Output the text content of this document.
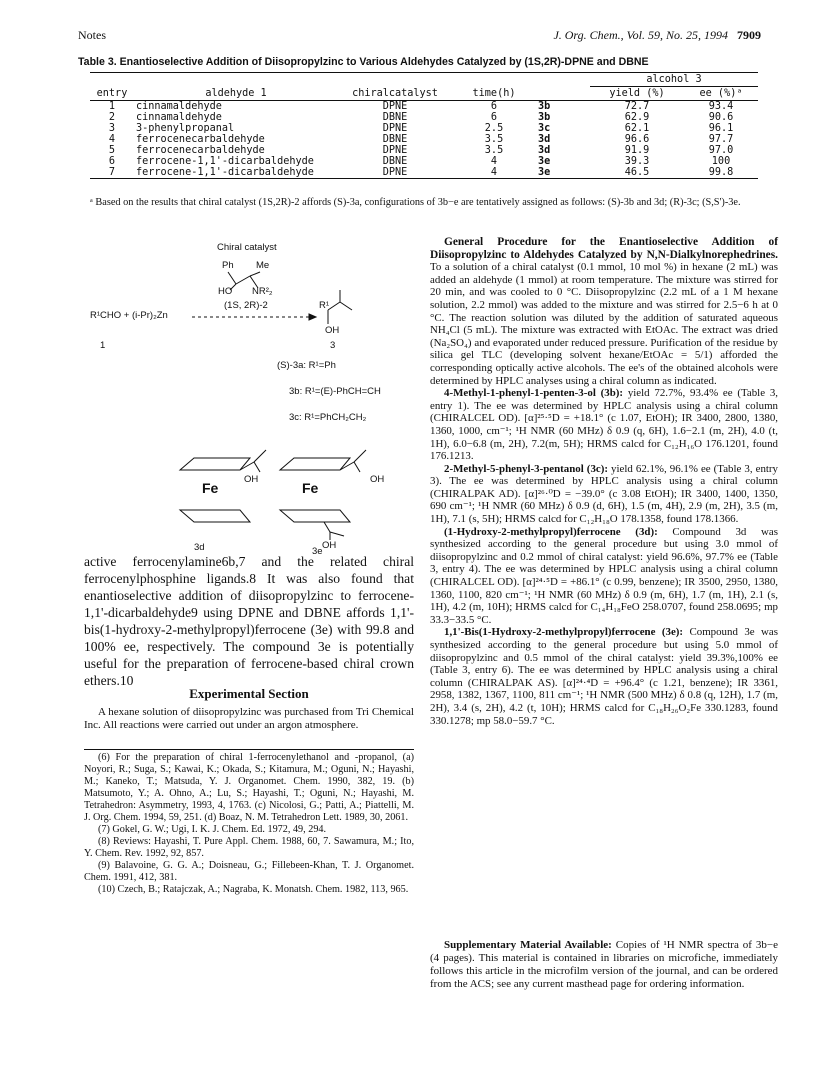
Notes	J. Org. Chem., Vol. 59, No. 25, 1994 7909
Table 3. Enantioselective Addition of Diisopropylzinc to Various Aldehydes Catalyzed by (1S,2R)-DPNE and DBNE
					alcohol 3	
entry	aldehyde 1	chiralcatalyst	time(h)		yield (%)	ee (%)ᵃ
1	cinnamaldehyde	DPNE	6	3b	72.7	93.4
2	cinnamaldehyde	DBNE	6	3b	62.9	90.6
3	3-phenylpropanal	DPNE	2.5	3c	62.1	96.1
4	ferrocenecarbaldehyde	DBNE	3.5	3d	96.6	97.7
5	ferrocenecarbaldehyde	DPNE	3.5	3d	91.9	97.0
6	ferrocene-1,1'-dicarbaldehyde	DBNE	4	3e	39.3	100
7	ferrocene-1,1'-dicarbaldehyde	DPNE	4	3e	46.5	99.8
ᵃ Based on the results that chiral catalyst (1S,2R)-2 affords (S)-3a, configurations of 3b−e are tentatively assigned as follows: (S)-3b and 3d; (R)-3c; (S,S')-3e.
Chiral catalyst
Ph Me
HO NR²₂
(1S, 2R)-2
R¹CHO + (i-Pr)₂Zn
R¹
OH
1	3
(S)-3a: R¹=Ph
3b: R¹=(E)-PhCH=CH
3c: R¹=PhCH₂CH₂
Fe
OH
Fe
OH
OH
3d	3e
active ferrocenylamine6b,7 and the related chiral ferrocenylphosphine ligands.8 It was also found that enantioselective addition of diisopropylzinc to ferrocene-1,1'-dicarbaldehyde9 using DPNE and DBNE affords 1,1'-bis(1-hydroxy-2-methylpropyl)ferrocene (3e) with 99.8 and 100% ee, respectively. The compound 3e is potentially useful for the preparation of ferrocene-based chiral crown ethers.10
Experimental Section
A hexane solution of diisopropylzinc was purchased from Tri Chemical Inc. All reactions were carried out under an argon atmosphere.

(6) For the preparation of chiral 1-ferrocenylethanol and -propanol, (a) Noyori, R.; Suga, S.; Kawai, K.; Okada, S.; Kitamura, M.; Oguni, N.; Hayashi, M.; Kaneko, T.; Matsuda, Y. J. Organomet. Chem. 1990, 382, 19. (b) Matsumoto, Y.; A. Ohno, A.; Lu, S.; Hayashi, T.; Oguni, N.; Hayashi, M. Tetrahedron: Asymmetry, 1993, 4, 1763. (c) Nicolosi, G.; Patti, A.; Piattelli, M. J. Org. Chem. 1994, 59, 251. (d) Boaz, N. M. Tetrahedron Lett. 1989, 30, 2061.

(7) Gokel, G. W.; Ugi, I. K. J. Chem. Ed. 1972, 49, 294.

(8) Reviews: Hayashi, T. Pure Appl. Chem. 1988, 60, 7. Sawamura, M.; Ito, Y. Chem. Rev. 1992, 92, 857.

(9) Balavoine, G. G. A.; Doisneau, G.; Fillebeen-Khan, T. J. Organomet. Chem. 1991, 412, 381.

(10) Czech, B.; Ratajczak, A.; Nagraba, K. Monatsh. Chem. 1982, 113, 965.

General Procedure for the Enantioselective Addition of Diisopropylzinc to Aldehydes Catalyzed by N,N-Dialkylnorephedrines. To a solution of a chiral catalyst (0.1 mmol, 10 mol %) in hexane (2 mL) was added an aldehyde (1 mmol) at room temperature. The mixture was stirred for 20 min, and was cooled to 0 °C. Diisopropylzinc (2.2 mL of a 1 M hexane solution, 2.2 mmol) was added to the mixture and was stirred for 2.5−6 h at 0 °C. The reaction solution was diluted by the addition of saturated aqueous NH₄Cl (5 mL). The mixture was extracted with EtOAc. The extract was dried (Na₂SO₄) and evaporated under reduced pressure. Purification of the residue by silica gel TLC (developing solvent hexane/EtOAc = 5/1) afforded the corresponding optically active alcohols. The ee's of the obtained alcohols were determined by HPLC analyses using a chiral column as indicated.

4-Methyl-1-phenyl-1-penten-3-ol (3b): yield 72.7%, 93.4% ee (Table 3, entry 1). The ee was determined by HPLC analysis using a chiral column (CHIRALCEL OD). [α]²⁵·⁵D = +18.1° (c 1.07, EtOH); IR 3400, 2800, 1380, 1360, 1000, cm⁻¹; ¹H NMR (60 MHz) δ 0.9 (q, 6H), 1.6−2.1 (m, 2H), 4.0 (t, 1H), 6.0−6.8 (m, 2H), 7.2(m, 5H); HRMS calcd for C₁₂H₁₆O 176.1201, found 176.1213.

2-Methyl-5-phenyl-3-pentanol (3c): yield 62.1%, 96.1% ee (Table 3, entry 3). The ee was determined by HPLC analysis using a chiral column (CHIRALPAK AD). [α]²⁶·⁰D = −39.0° (c 3.08 EtOH); IR 3400, 1400, 1350, 690 cm⁻¹; ¹H NMR (60 MHz) δ 0.9 (d, 6H), 1.5 (m, 4H), 2.9 (m, 2H), 3.5 (m, 1H), 7.1 (s, 5H); HRMS calcd for C₁₂H₁₈O 178.1358, found 178.1366.

(1-Hydroxy-2-methylpropyl)ferrocene (3d): Compound 3d was synthesized according to the general procedure but using 3.0 mmol of diisopropylzinc and 0.2 mmol of chiral catalyst: yield 96.6%, 97.7% ee (Table 3, entry 4). The ee was determined by HPLC analysis using a chiral column (CHIRALCEL OD). [α]²⁴·⁵D = +86.1° (c 0.99, benzene); IR 3500, 2950, 1380, 1360, 1100, 820 cm⁻¹; ¹H NMR (60 MHz) δ 0.9 (m, 6H), 1.7 (m, 1H), 2.1 (s, 1H), 4.2 (m, 10H); HRMS calcd for C₁₄H₁₈FeO 258.0707, found 258.0695; mp 33.3−33.5 °C.

1,1'-Bis(1-Hydroxy-2-methylpropyl)ferrocene (3e): Compound 3e was synthesized according to the general procedure but using 5.0 mmol of diisopropylzinc and 0.5 mmol of the chiral catalyst: yield 39.3%,100% ee (Table 3, entry 6). The ee was determined by HPLC analysis using a chiral column (CHIRALPAK AS). [α]²⁴·⁴D = +96.4° (c 1.21, benzene); IR 3361, 2958, 1382, 1367, 1100, 811 cm⁻¹; ¹H NMR (500 MHz) δ 0.8 (q, 12H), 1.7 (m, 2H), 3.4 (s, 2H), 4.2 (t, 10H); HRMS calcd for C₁₈H₂₆O₂Fe 330.1283, found 330.1278; mp 58.0−59.7 °C.

Supplementary Material Available: Copies of ¹H NMR spectra of 3b−e (4 pages). This material is contained in libraries on microfiche, immediately follows this article in the microfilm version of the journal, and can be ordered from the ACS; see any current masthead page for ordering information.
